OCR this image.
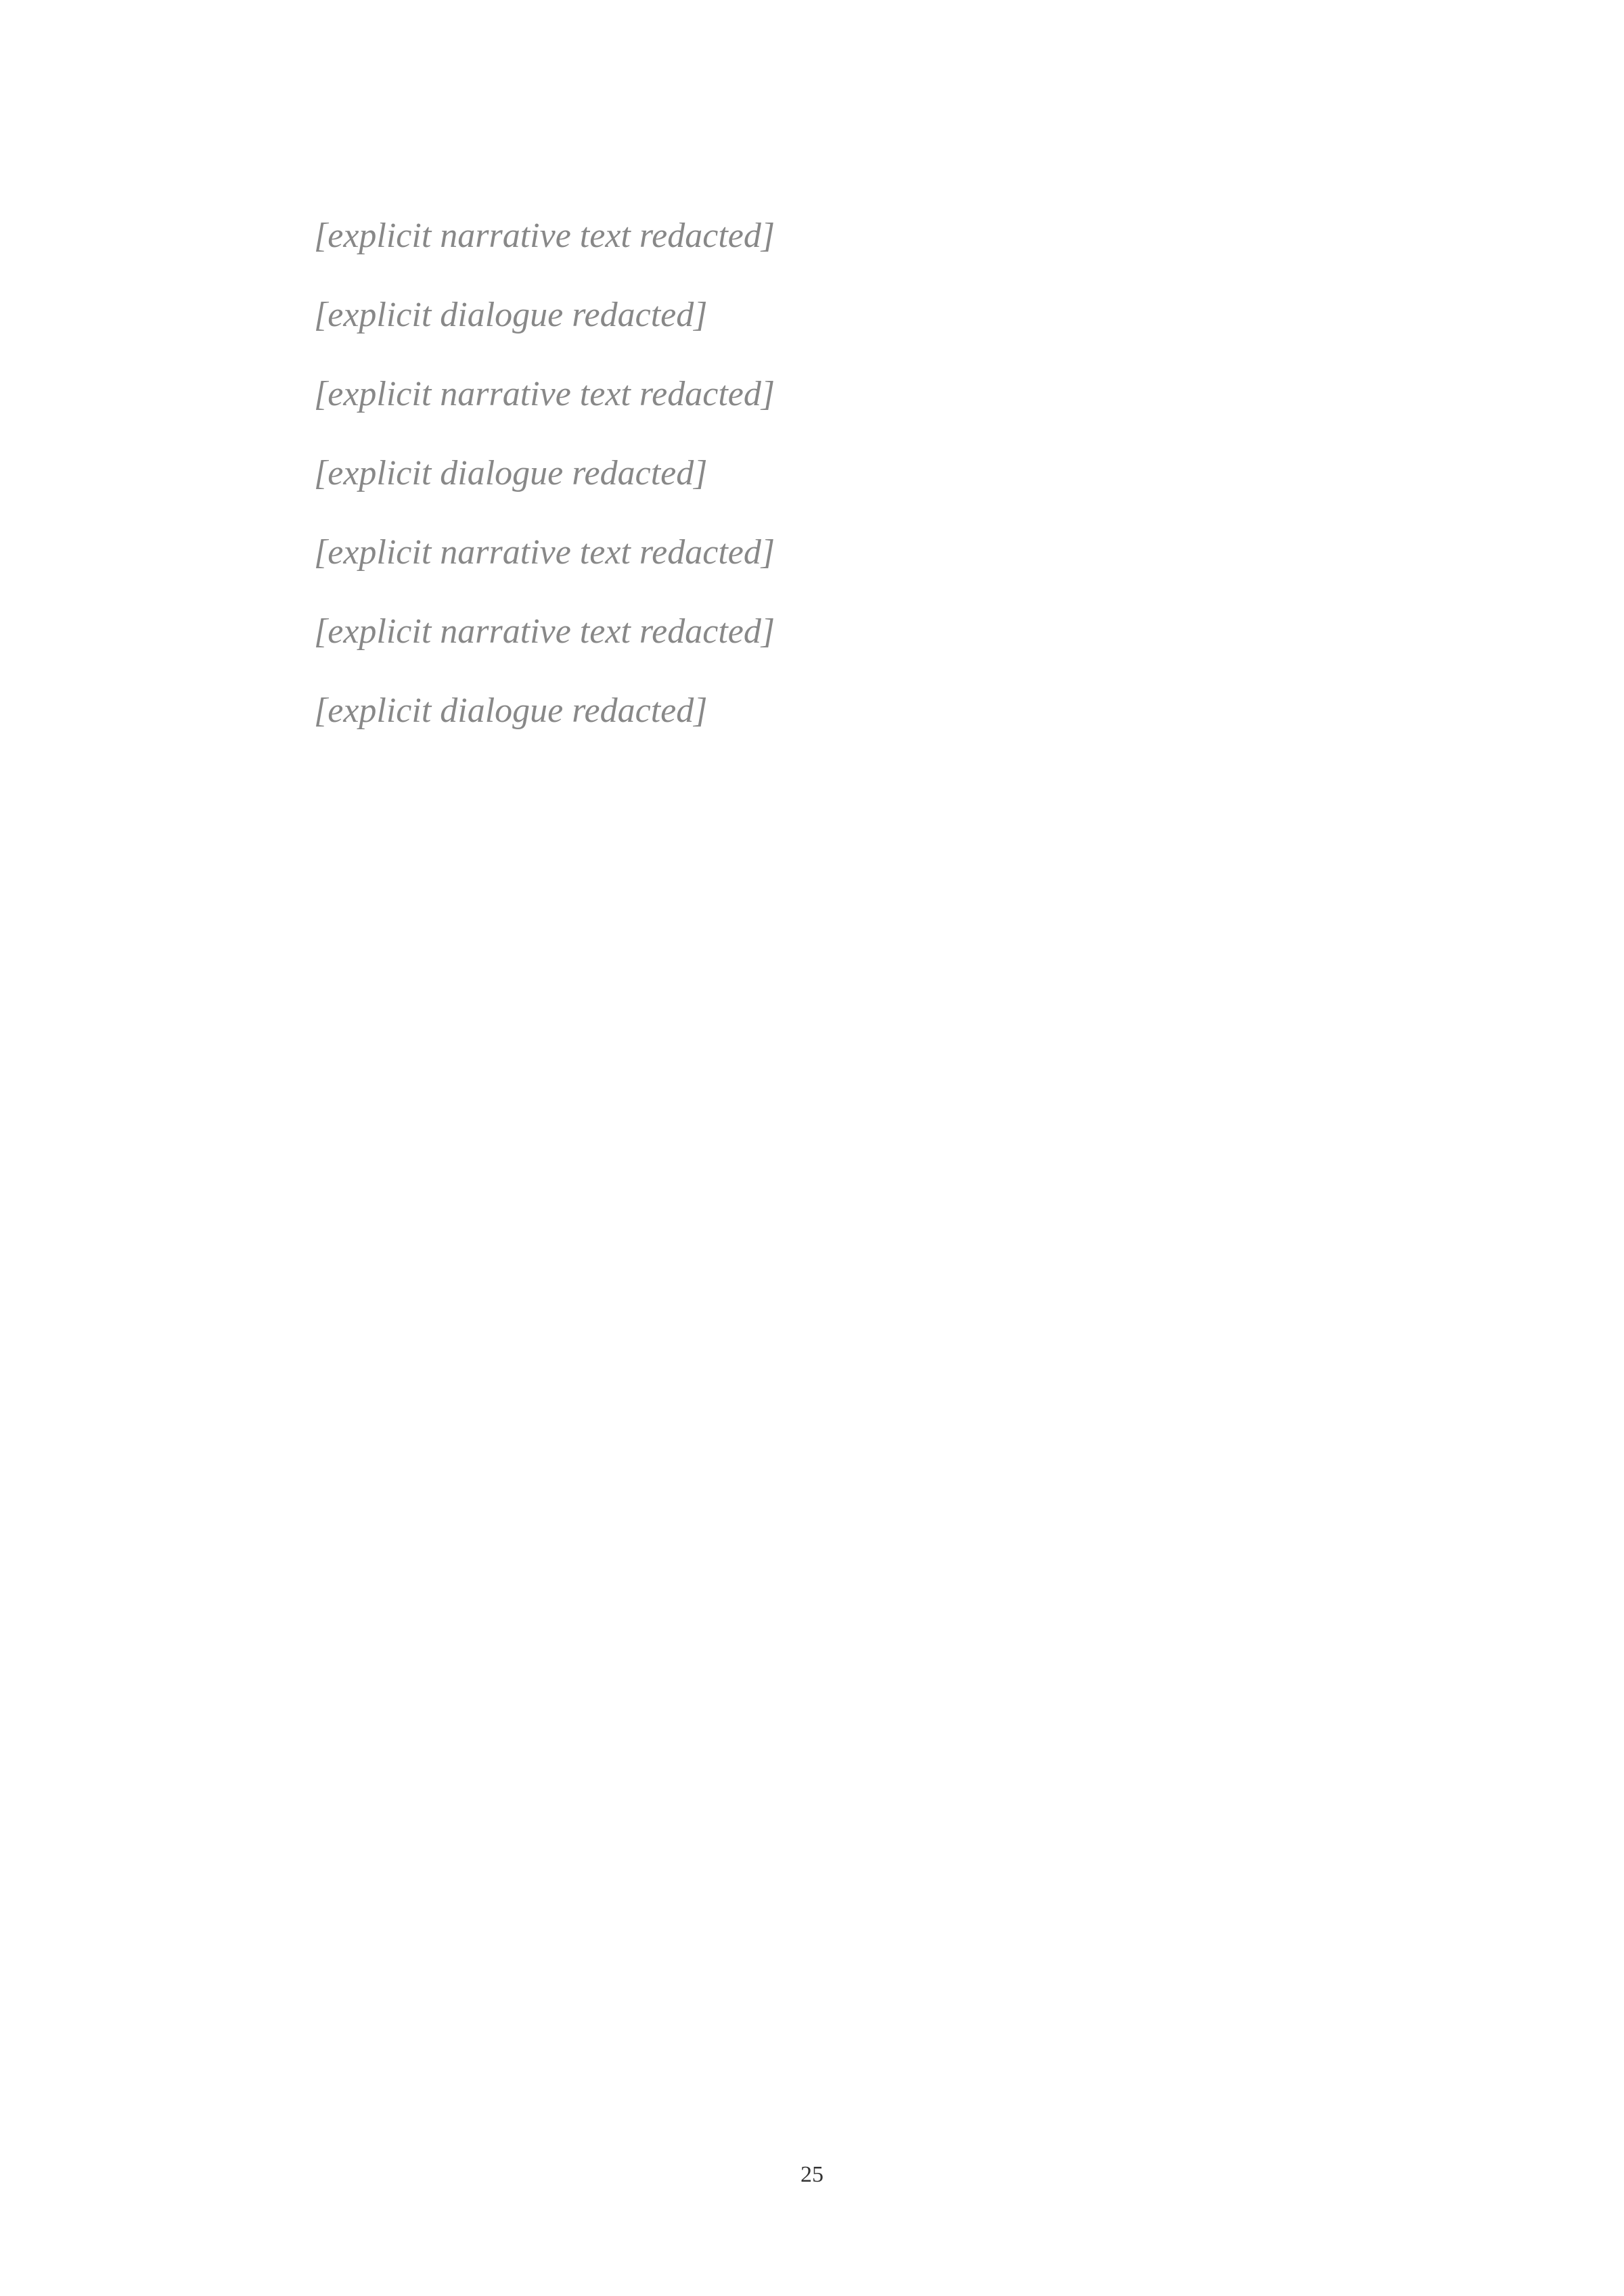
[explicit narrative text redacted]

[explicit dialogue redacted]

[explicit narrative text redacted]

[explicit dialogue redacted]

[explicit narrative text redacted]

[explicit narrative text redacted]

[explicit dialogue redacted]

25
